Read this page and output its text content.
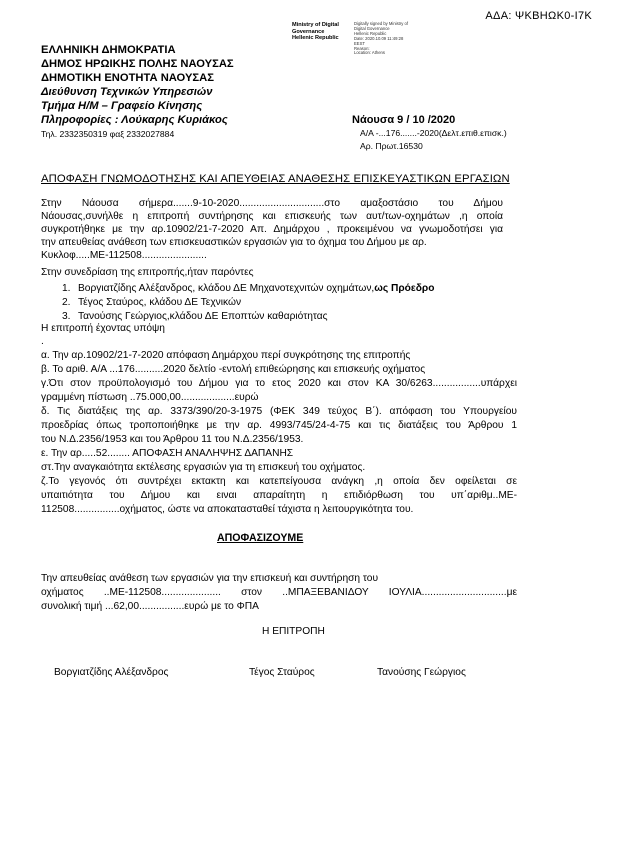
ΑΔΑ: ΨΚΒΗΩΚ0-Ι7Κ
Ministry of Digital
Governance
Hellenic Republic
Digitally signed by Ministry of
Digital Governance
Hellenic Republic
Date: 2020.10.09 11:49:28
EEST
Reason:
Location: Athens
ΕΛΛΗΝΙΚΗ ΔΗΜΟΚΡΑΤΙΑ
ΔΗΜΟΣ ΗΡΩΙΚΗΣ ΠΟΛΗΣ ΝΑΟΥΣΑΣ
ΔΗΜΟΤΙΚΗ ΕΝΟΤΗΤΑ ΝΑΟΥΣΑΣ
Διεύθυνση Τεχνικών Υπηρεσιών
Τμήμα Η/Μ – Γραφείο Κίνησης
Πληροφορίες : Λούκαρης Κυριάκος
Τηλ. 2332350319 φαξ 2332027884
Νάουσα 9 / 10 /2020
Α/Α -...176.......-2020(Δελτ.επιθ.επισκ.)
Αρ. Πρωτ.16530
ΑΠΟΦΑΣΗ ΓΝΩΜΟΔΟΤΗΣΗΣ ΚΑΙ ΑΠΕΥΘΕΙΑΣ ΑΝΑΘΕΣΗΣ ΕΠΙΣΚΕΥΑΣΤΙΚΩΝ ΕΡΓΑΣΙΩΝ
Στην Νάουσα σήμερα.......9-10-2020..............................στο αμαξοστάσιο του Δήμου
Νάουσας,συνήλθε η επιτροπή συντήρησης και επισκευής των αυτ/των-οχημάτων ,η οποία
συγκροτήθηκε με την αρ.10902/21-7-2020 Απ. Δημάρχου , προκειμένου να γνωμοδοτήσει για
την απευθείας ανάθεση των επισκευαστικών εργασιών για το όχημα του Δήμου με αρ.
Κυκλοφ.....ΜΕ-112508.......................
Στην συνεδρίαση της επιτροπής,ήταν παρόντες
1. Βοργιατζίδης Αλέξανδρος, κλάδου ΔΕ Μηχανοτεχνιτών οχημάτων,ως Πρόεδρο
2. Τέγος Σταύρος, κλάδου ΔΕ Τεχνικών
3. Τανούσης Γεώργιος,κλάδου ΔΕ Εποπτών καθαριότητας
Η επιτροπή έχοντας υπόψη
.
α. Την αρ.10902/21-7-2020 απόφαση Δημάρχου περί συγκρότησης της επιτροπής
β. Το αριθ. Α/Α ...176..........2020 δελτίο -εντολή επιθεώρησης και επισκευής οχήματος
γ.Ότι στον προϋπολογισμό του Δήμου για το ετος 2020 και στον ΚΑ 30/6263.................υπάρχει
γραμμένη πίστωση ..75.000,00...................ευρώ
δ. Τις διατάξεις της αρ. 3373/390/20-3-1975 (ΦΕΚ 349 τεύχος Β΄). απόφαση του Υπουργείου
προεδρίας όπως τροποποιήθηκε με την αρ. 4993/745/24-4-75 και τις διατάξεις του Άρθρου 1
του Ν.Δ.2356/1953 και του Άρθρου 11 του Ν.Δ.2356/1953.
ε. Την αρ.....52........ ΑΠΟΦΑΣΗ ΑΝΑΛΗΨΗΣ ΔΑΠΑΝΗΣ
στ.Την αναγκαιότητα εκτέλεσης εργασιών για τη επισκευή του οχήματος.
ζ.Το γεγονός ότι συντρέχει εκτακτη και κατεπείγουσα ανάγκη ,η οποία δεν οφείλεται σε
υπαιτιότητα του Δήμου και ειναι απαραίτητη η επιδιόρθωση του υπ΄αριθμ..ΜΕ-
112508................οχήματος, ώστε να αποκατασταθεί τάχιστα η λειτουργικότητα του.
ΑΠΟΦΑΣΙΖΟΥΜΕ
Την απευθείας ανάθεση των εργασιών για την επισκευή και συντήρηση του
οχήματος ..ΜΕ-112508..................... στον ..ΜΠΑΞΕΒΑΝΙΔΟΥ ΙΟΥΛΙΑ..............................με
συνολική τιμή ...62,00................ευρώ με το ΦΠΑ
Η ΕΠΙΤΡΟΠΗ
Βοργιατζίδης Αλέξανδρος	Τέγος Σταύρος	Τανούσης Γεώργιος
